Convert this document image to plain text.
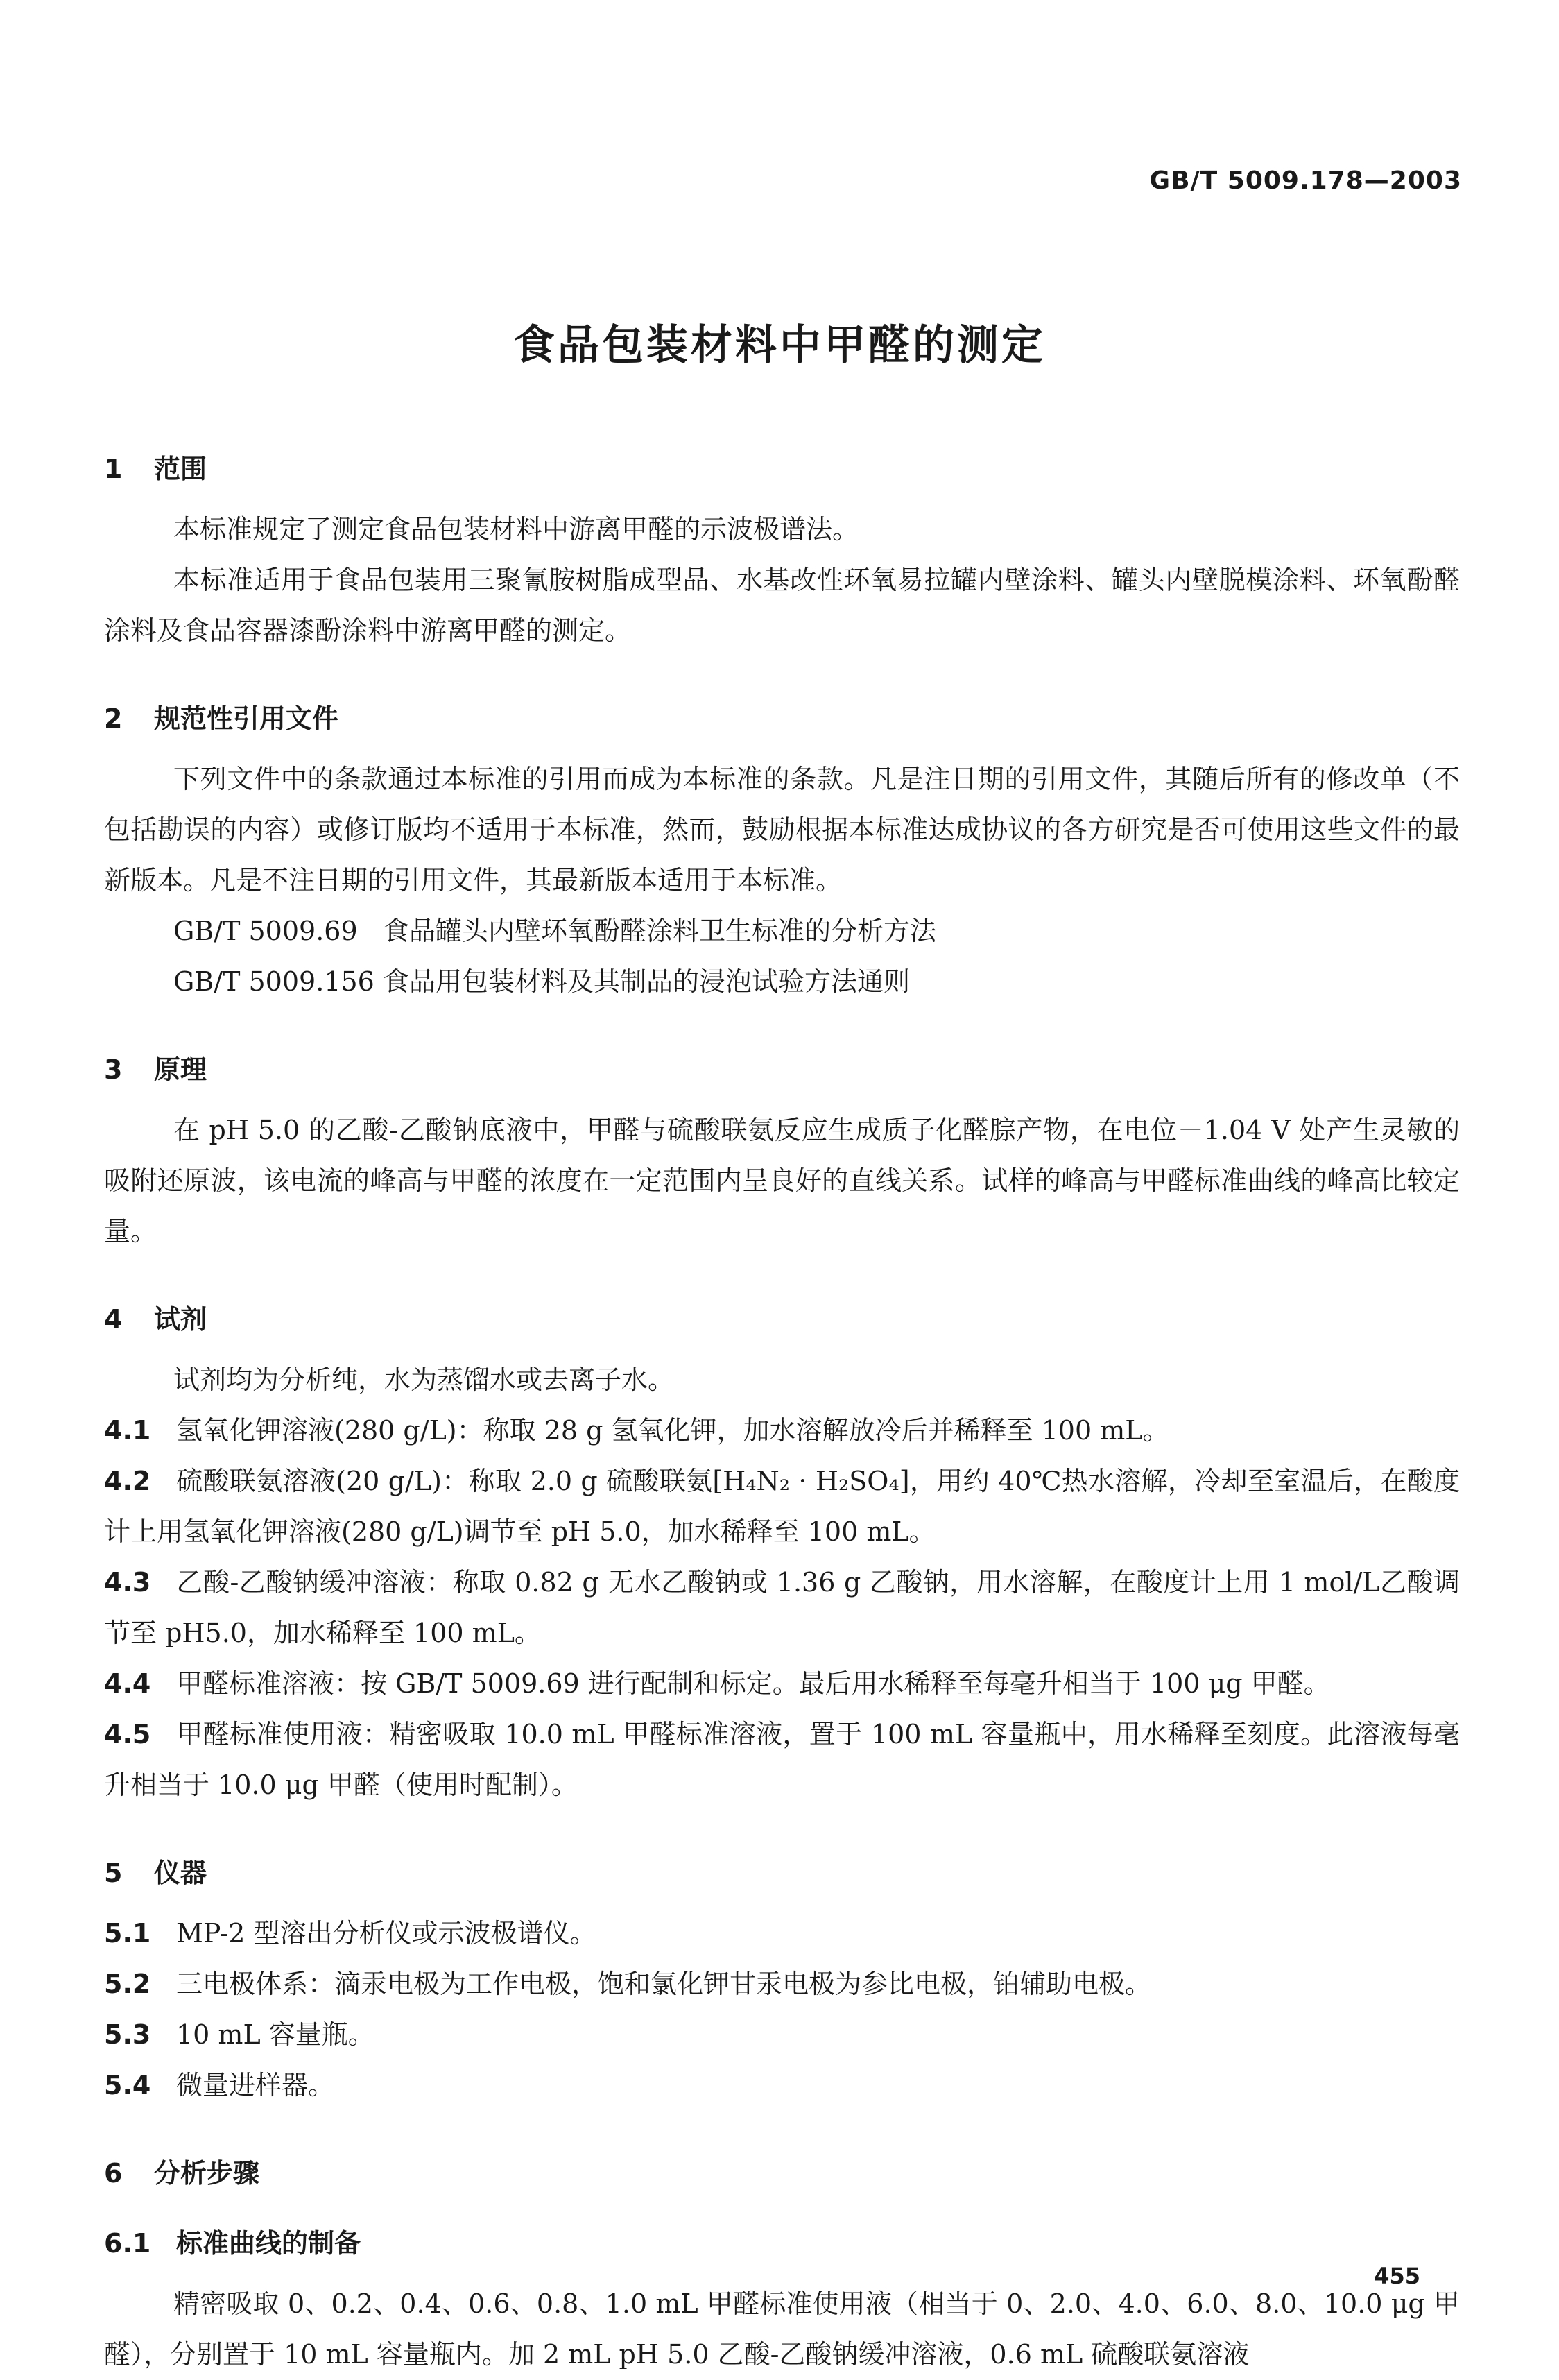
GB/T 5009.178—2003
食品包装材料中甲醛的测定
1 范围
本标准规定了测定食品包装材料中游离甲醛的示波极谱法。
本标准适用于食品包装用三聚氰胺树脂成型品、水基改性环氧易拉罐内壁涂料、罐头内壁脱模涂料、环氧酚醛涂料及食品容器漆酚涂料中游离甲醛的测定。
2 规范性引用文件
下列文件中的条款通过本标准的引用而成为本标准的条款。凡是注日期的引用文件，其随后所有的修改单（不包括勘误的内容）或修订版均不适用于本标准，然而，鼓励根据本标准达成协议的各方研究是否可使用这些文件的最新版本。凡是不注日期的引用文件，其最新版本适用于本标准。
GB/T 5009.69 食品罐头内壁环氧酚醛涂料卫生标准的分析方法
GB/T 5009.156 食品用包装材料及其制品的浸泡试验方法通则
3 原理
在 pH 5.0 的乙酸-乙酸钠底液中，甲醛与硫酸联氨反应生成质子化醛腙产物，在电位－1.04 V 处产生灵敏的吸附还原波，该电流的峰高与甲醛的浓度在一定范围内呈良好的直线关系。试样的峰高与甲醛标准曲线的峰高比较定量。
4 试剂
试剂均为分析纯，水为蒸馏水或去离子水。
4.1 氢氧化钾溶液(280 g/L)：称取 28 g 氢氧化钾，加水溶解放冷后并稀释至 100 mL。
4.2 硫酸联氨溶液(20 g/L)：称取 2.0 g 硫酸联氨[H₄N₂ · H₂SO₄]，用约 40℃热水溶解，冷却至室温后，在酸度计上用氢氧化钾溶液(280 g/L)调节至 pH 5.0，加水稀释至 100 mL。
4.3 乙酸-乙酸钠缓冲溶液：称取 0.82 g 无水乙酸钠或 1.36 g 乙酸钠，用水溶解，在酸度计上用 1 mol/L乙酸调节至 pH5.0，加水稀释至 100 mL。
4.4 甲醛标准溶液：按 GB/T 5009.69 进行配制和标定。最后用水稀释至每毫升相当于 100 μg 甲醛。
4.5 甲醛标准使用液：精密吸取 10.0 mL 甲醛标准溶液，置于 100 mL 容量瓶中，用水稀释至刻度。此溶液每毫升相当于 10.0 μg 甲醛（使用时配制）。
5 仪器
5.1 MP-2 型溶出分析仪或示波极谱仪。
5.2 三电极体系：滴汞电极为工作电极，饱和氯化钾甘汞电极为参比电极，铂辅助电极。
5.3 10 mL 容量瓶。
5.4 微量进样器。
6 分析步骤
6.1 标准曲线的制备
精密吸取 0、0.2、0.4、0.6、0.8、1.0 mL 甲醛标准使用液（相当于 0、2.0、4.0、6.0、8.0、10.0 μg 甲醛），分别置于 10 mL 容量瓶内。加 2 mL pH 5.0 乙酸-乙酸钠缓冲溶液，0.6 mL 硫酸联氨溶液
455
